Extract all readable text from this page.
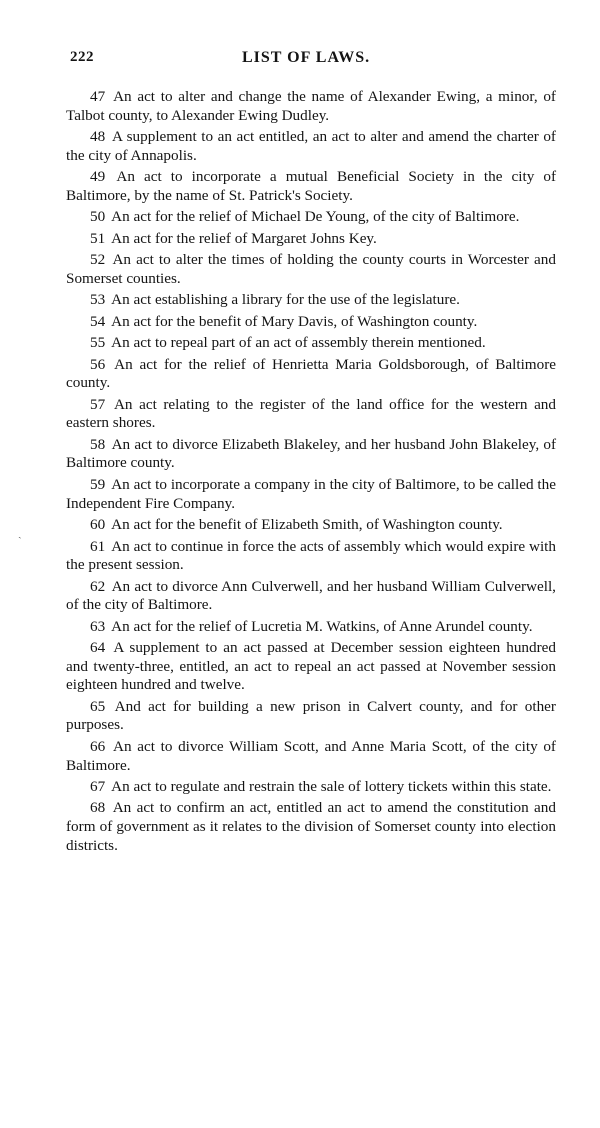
222	LIST OF LAWS.
ˎ

47 An act to alter and change the name of Alexander Ewing, a minor, of Talbot county, to Alexander Ewing Dudley.

48 A supplement to an act entitled, an act to alter and amend the charter of the city of Annapolis.

49 An act to incorporate a mutual Beneficial Society in the city of Baltimore, by the name of St. Patrick's Society.

50 An act for the relief of Michael De Young, of the city of Baltimore.

51 An act for the relief of Margaret Johns Key.

52 An act to alter the times of holding the county courts in Worcester and Somerset counties.

53 An act establishing a library for the use of the legislature.

54 An act for the benefit of Mary Davis, of Washington county.

55 An act to repeal part of an act of assembly therein mentioned.

56 An act for the relief of Henrietta Maria Goldsborough, of Baltimore county.

57 An act relating to the register of the land office for the western and eastern shores.

58 An act to divorce Elizabeth Blakeley, and her husband John Blakeley, of Baltimore county.

59 An act to incorporate a company in the city of Baltimore, to be called the Independent Fire Company.

60 An act for the benefit of Elizabeth Smith, of Washington county.

61 An act to continue in force the acts of assembly which would expire with the present session.

62 An act to divorce Ann Culverwell, and her husband William Culverwell, of the city of Baltimore.

63 An act for the relief of Lucretia M. Watkins, of Anne Arundel county.

64 A supplement to an act passed at December session eighteen hundred and twenty-three, entitled, an act to repeal an act passed at November session eighteen hundred and twelve.

65 And act for building a new prison in Calvert county, and for other purposes.

66 An act to divorce William Scott, and Anne Maria Scott, of the city of Baltimore.

67 An act to regulate and restrain the sale of lottery tickets within this state.

68 An act to confirm an act, entitled an act to amend the constitution and form of government as it relates to the division of Somerset county into election districts.
